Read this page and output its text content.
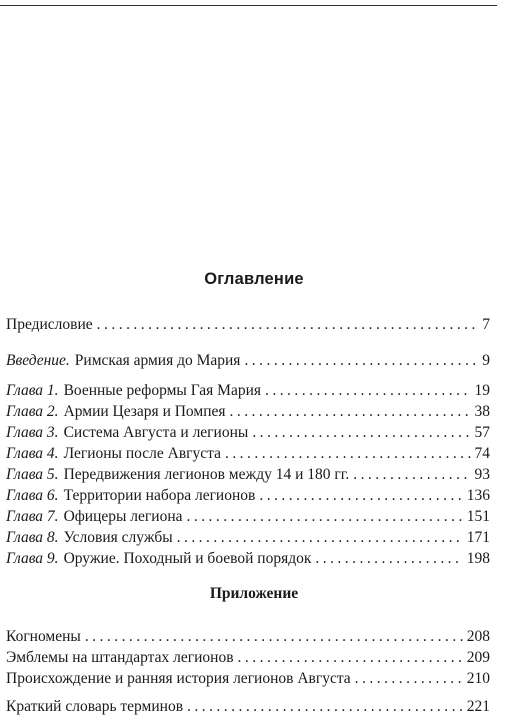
Оглавление
Предисловие . . .	7
Введение. Римская армия до Мария . . .	9
Глава 1. Военные реформы Гая Мария . . .	19
Глава 2. Армии Цезаря и Помпея . . .	38
Глава 3. Система Августа и легионы . . .	57
Глава 4. Легионы после Августа . . .	74
Глава 5. Передвижения легионов между 14 и 180 гг. . . .	93
Глава 6. Территории набора легионов . . .	136
Глава 7. Офицеры легиона . . .	151
Глава 8. Условия службы . . .	171
Глава 9. Оружие. Походный и боевой порядок . . .	198
Приложение
Когномены . . .	208
Эмблемы на штандартах легионов . . .	209
Происхождение и ранняя история легионов Августа . . .	210
Краткий словарь терминов . . .	221
